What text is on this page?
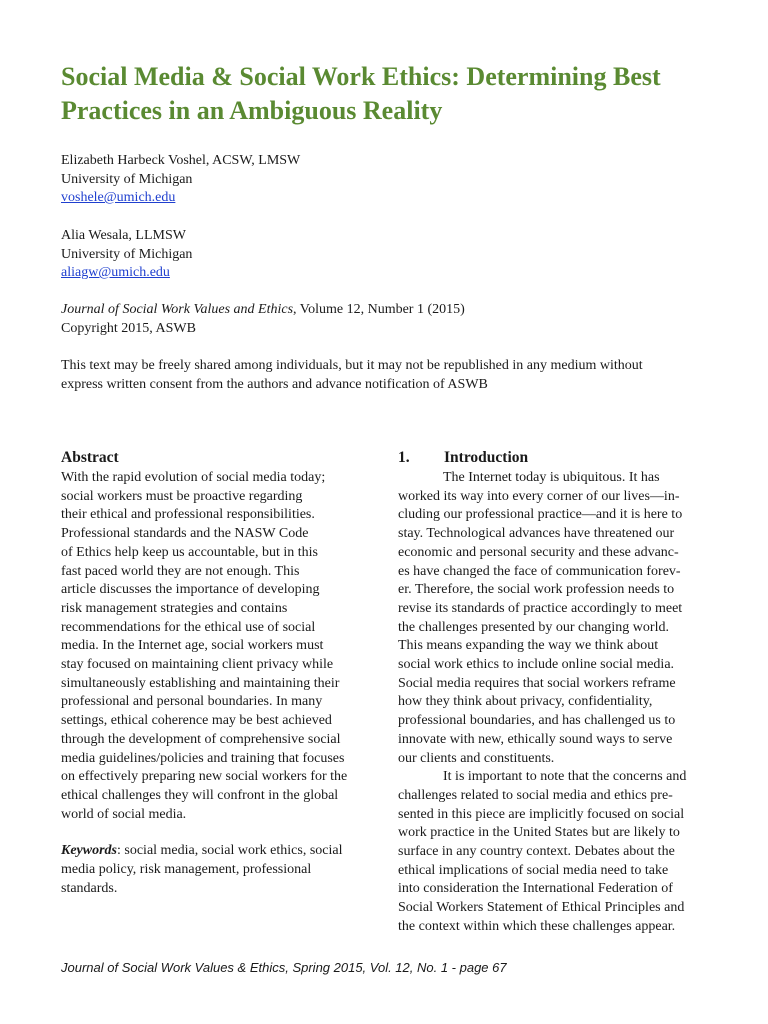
Social Media & Social Work Ethics: Determining Best
Practices in an Ambiguous Reality
Elizabeth Harbeck Voshel, ACSW, LMSW
University of Michigan
voshele@umich.edu
Alia Wesala, LLMSW
University of Michigan
aliagw@umich.edu
Journal of Social Work Values and Ethics, Volume 12, Number 1 (2015)
Copyright 2015, ASWB
This text may be freely shared among individuals, but it may not be republished in any medium without
express written consent from the authors and advance notification of ASWB
Abstract
With the rapid evolution of social media today;
social workers must be proactive regarding
their ethical and professional responsibilities.
Professional standards and the NASW Code
of Ethics help keep us accountable, but in this
fast paced world they are not enough. This
article discusses the importance of developing
risk management strategies and contains
recommendations for the ethical use of social
media. In the Internet age, social workers must
stay focused on maintaining client privacy while
simultaneously establishing and maintaining their
professional and personal boundaries. In many
settings, ethical coherence may be best achieved
through the development of comprehensive social
media guidelines/policies and training that focuses
on effectively preparing new social workers for the
ethical challenges they will confront in the global
world of social media.
Keywords: social media, social work ethics, social
media policy, risk management, professional
standards.
1. Introduction
The Internet today is ubiquitous. It has
worked its way into every corner of our lives—in-
cluding our professional practice—and it is here to
stay. Technological advances have threatened our
economic and personal security and these advanc-
es have changed the face of communication forev-
er. Therefore, the social work profession needs to
revise its standards of practice accordingly to meet
the challenges presented by our changing world.
This means expanding the way we think about
social work ethics to include online social media.
Social media requires that social workers reframe
how they think about privacy, confidentiality,
professional boundaries, and has challenged us to
innovate with new, ethically sound ways to serve
our clients and constituents.
It is important to note that the concerns and
challenges related to social media and ethics pre-
sented in this piece are implicitly focused on social
work practice in the United States but are likely to
surface in any country context. Debates about the
ethical implications of social media need to take
into consideration the International Federation of
Social Workers Statement of Ethical Principles and
the context within which these challenges appear.
Journal of Social Work Values & Ethics, Spring 2015, Vol. 12, No. 1 - page 67
